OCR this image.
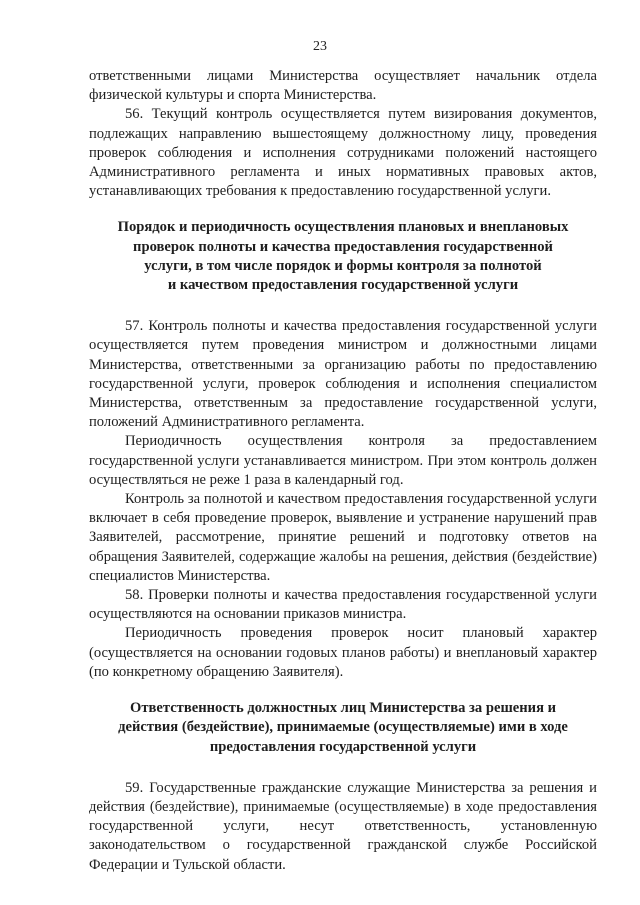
23

ответственными лицами Министерства осуществляет начальник отдела физической культуры и спорта Министерства.

56. Текущий контроль осуществляется путем визирования документов, подлежащих направлению вышестоящему должностному лицу, проведения проверок соблюдения и исполнения сотрудниками положений настоящего Административного регламента и иных нормативных правовых актов, устанавливающих требования к предоставлению государственной услуги.

Порядок и периодичность осуществления плановых и внеплановых
проверок полноты и качества предоставления государственной
услуги, в том числе порядок и формы контроля за полнотой
и качеством предоставления государственной услуги

57. Контроль полноты и качества предоставления государственной услуги осуществляется путем проведения министром и должностными лицами Министерства, ответственными за организацию работы по предоставлению государственной услуги, проверок соблюдения и исполнения специалистом Министерства, ответственным за предоставление государственной услуги, положений Административного регламента.

Периодичность осуществления контроля за предоставлением государственной услуги устанавливается министром. При этом контроль должен осуществляться не реже 1 раза в календарный год.

Контроль за полнотой и качеством предоставления государственной услуги включает в себя проведение проверок, выявление и устранение нарушений прав Заявителей, рассмотрение, принятие решений и подготовку ответов на обращения Заявителей, содержащие жалобы на решения, действия (бездействие) специалистов Министерства.

58. Проверки полноты и качества предоставления государственной услуги осуществляются на основании приказов министра.

Периодичность проведения проверок носит плановый характер (осуществляется на основании годовых планов работы) и внеплановый характер (по конкретному обращению Заявителя).

Ответственность должностных лиц Министерства за решения и
действия (бездействие), принимаемые (осуществляемые) ими в ходе
предоставления государственной услуги

59. Государственные гражданские служащие Министерства за решения и действия (бездействие), принимаемые (осуществляемые) в ходе предоставления государственной услуги, несут ответственность, установленную законодательством о государственной гражданской службе Российской Федерации и Тульской области.
